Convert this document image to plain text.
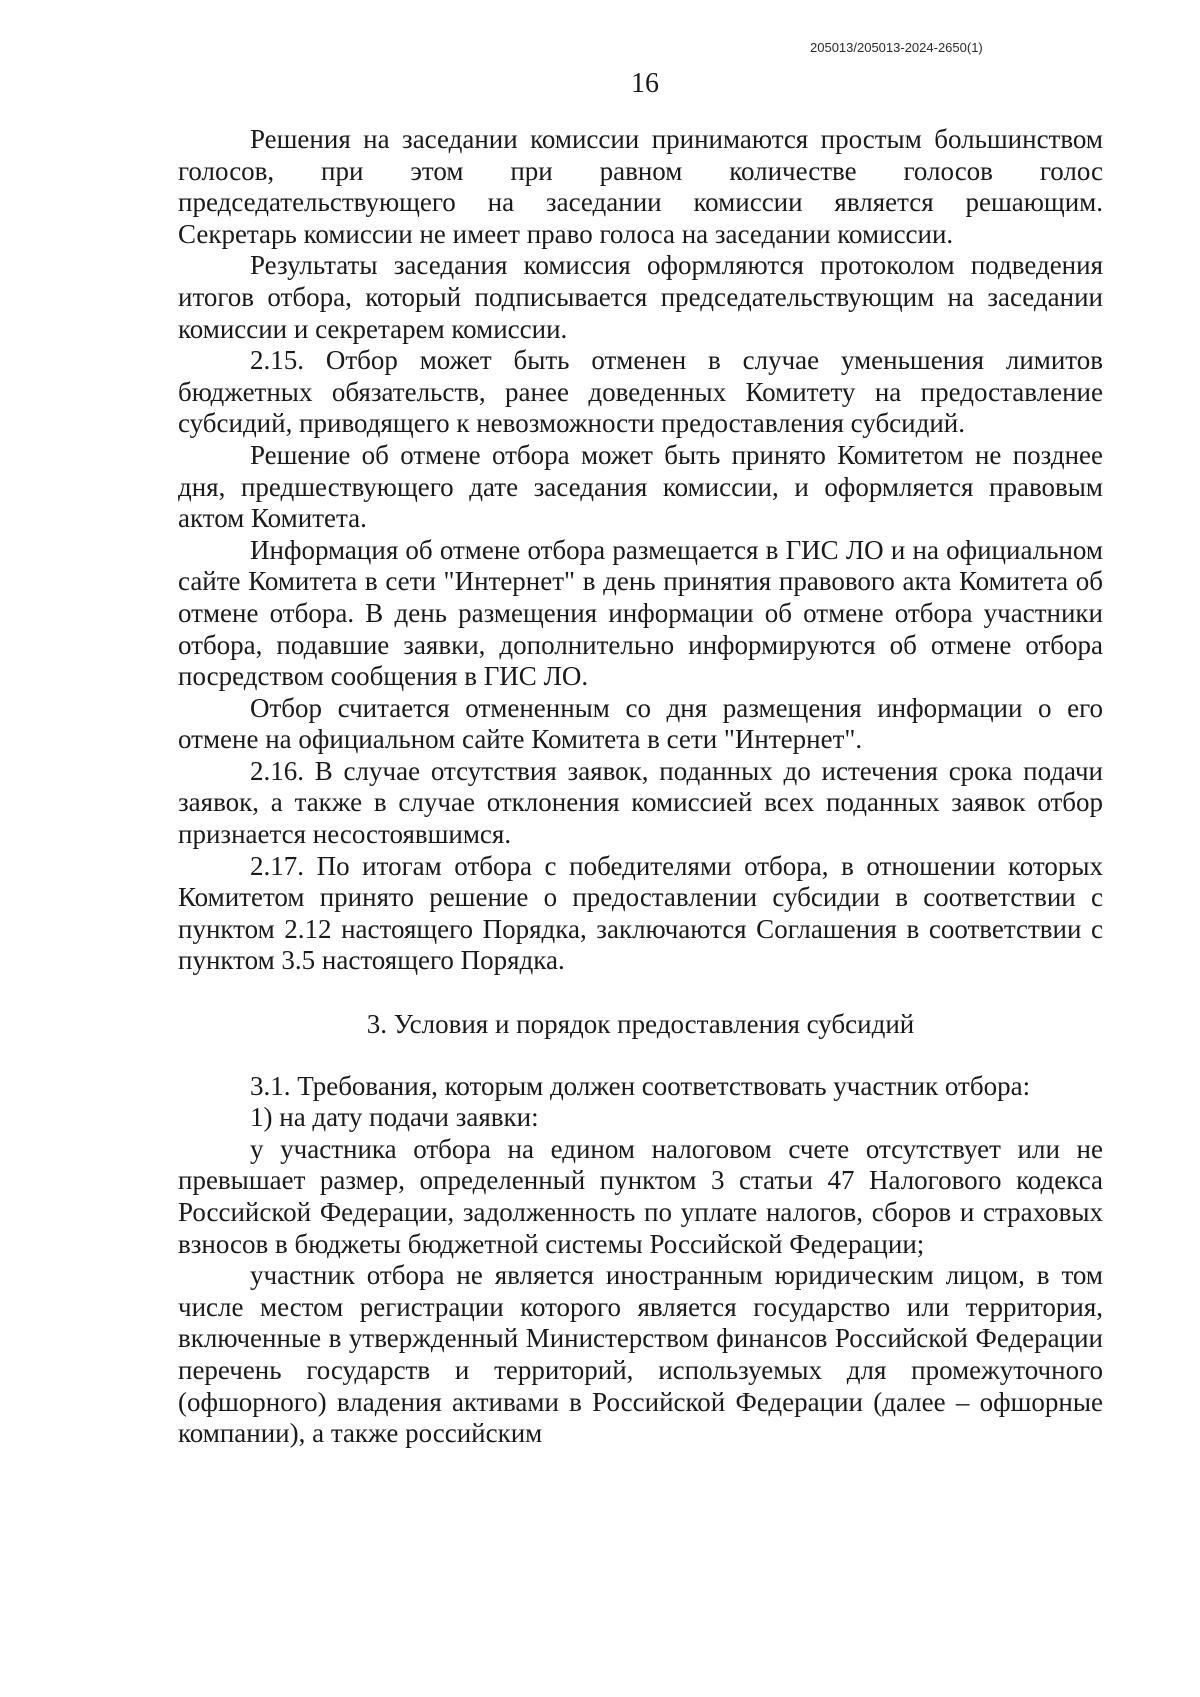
205013/205013-2024-2650(1)
16

Решения на заседании комиссии принимаются простым большинством голосов, при этом при равном количестве голосов голос председательствующего на заседании комиссии является решающим. Секретарь комиссии не имеет право голоса на заседании комиссии.

Результаты заседания комиссия оформляются протоколом подведения итогов отбора, который подписывается председательствующим на заседании комиссии и секретарем комиссии.

2.15. Отбор может быть отменен в случае уменьшения лимитов бюджетных обязательств, ранее доведенных Комитету на предоставление субсидий, приводящего к невозможности предоставления субсидий.

Решение об отмене отбора может быть принято Комитетом не позднее дня, предшествующего дате заседания комиссии, и оформляется правовым актом Комитета.

Информация об отмене отбора размещается в ГИС ЛО и на официальном сайте Комитета в сети "Интернет" в день принятия правового акта Комитета об отмене отбора. В день размещения информации об отмене отбора участники отбора, подавшие заявки, дополнительно информируются об отмене отбора посредством сообщения в ГИС ЛО.

Отбор считается отмененным со дня размещения информации о его отмене на официальном сайте Комитета в сети "Интернет".

2.16. В случае отсутствия заявок, поданных до истечения срока подачи заявок, а также в случае отклонения комиссией всех поданных заявок отбор признается несостоявшимся.

2.17. По итогам отбора с победителями отбора, в отношении которых Комитетом принято решение о предоставлении субсидии в соответствии с пунктом 2.12 настоящего Порядка, заключаются Соглашения в соответствии с пунктом 3.5 настоящего Порядка.

3. Условия и порядок предоставления субсидий

3.1. Требования, которым должен соответствовать участник отбора:

1) на дату подачи заявки:

у участника отбора на едином налоговом счете отсутствует или не превышает размер, определенный пунктом 3 статьи 47 Налогового кодекса Российской Федерации, задолженность по уплате налогов, сборов и страховых взносов в бюджеты бюджетной системы Российской Федерации;

участник отбора не является иностранным юридическим лицом, в том числе местом регистрации которого является государство или территория, включенные в утвержденный Министерством финансов Российской Федерации перечень государств и территорий, используемых для промежуточного (офшорного) владения активами в Российской Федерации (далее – офшорные компании), а также российским
